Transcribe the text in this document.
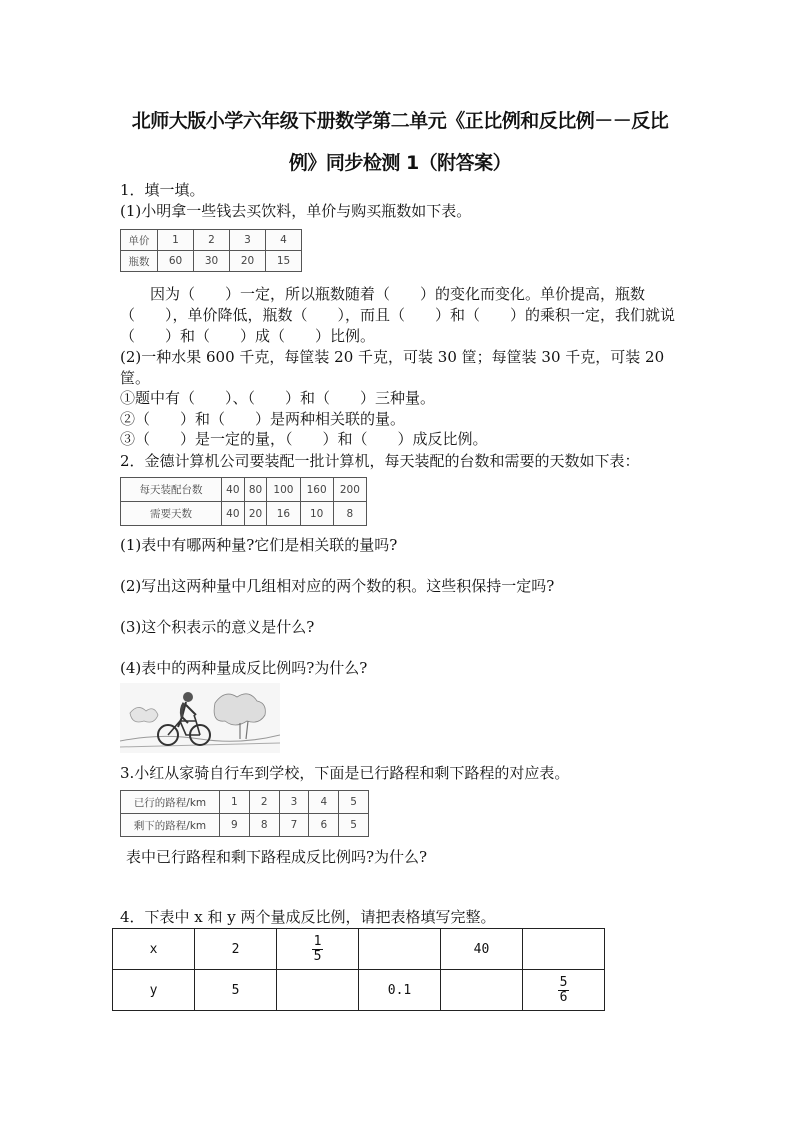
北师大版小学六年级下册数学第二单元《正比例和反比例－－反比
例》同步检测 1（附答案）
1．填一填。
(1)小明拿一些钱去买饮料，单价与购买瓶数如下表。
单价	1	2	3	4
瓶数	60	30	20	15
　　因为（　　）一定，所以瓶数随着（　　）的变化而变化。单价提高，瓶数
（　　），单价降低，瓶数（　　），而且（　　）和（　　）的乘积一定，我们就说
（　　）和（　　）成（　　）比例。
(2)一种水果 600 千克，每筐装 20 千克，可装 30 筐；每筐装 30 千克，可装 20
筐。
①题中有（　　）、（　　）和（　　）三种量。
②（　　）和（　　）是两种相关联的量。
③（　　）是一定的量，（　　）和（　　）成反比例。
2．金德计算机公司要装配一批计算机，每天装配的台数和需要的天数如下表：
每天装配台数	40	80	100	160	200
需要天数	40	20	16	10	8
(1)表中有哪两种量?它们是相关联的量吗?
(2)写出这两种量中几组相对应的两个数的积。这些积保持一定吗?
(3)这个积表示的意义是什么?
(4)表中的两种量成反比例吗?为什么?
3.小红从家骑自行车到学校，下面是已行路程和剩下路程的对应表。
已行的路程/km	1	2	3	4	5
剩下的路程/km	9	8	7	6	5
表中已行路程和剩下路程成反比例吗?为什么?
4．下表中 x 和 y 两个量成反比例，请把表格填写完整。
x	2	$\frac{1}{5}$		40	
y	5		0.1		$\frac{5}{6}$
